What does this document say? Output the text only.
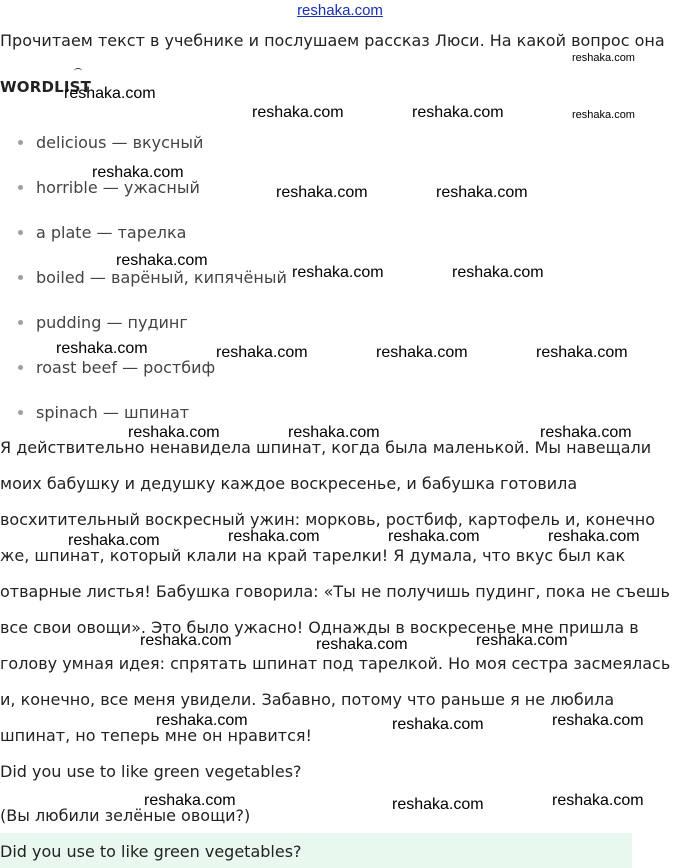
reshaka.com
Прочитаем текст в учебнике и послушаем рассказ Люси. На какой вопрос она
WORDLIST
delicious — вкусный
horrible — ужасный
a plate — тарелка
boiled — варёный, кипячёный
pudding — пудинг
roast beef — ростбиф
spinach — шпинат
Я действительно ненавидела шпинат, когда была маленькой. Мы навещали
моих бабушку и дедушку каждое воскресенье, и бабушка готовила
восхитительный воскресный ужин: морковь, ростбиф, картофель и, конечно
же, шпинат, который клали на край тарелки! Я думала, что вкус был как
отварные листья! Бабушка говорила: «Ты не получишь пудинг, пока не съешь
все свои овощи». Это было ужасно! Однажды в воскресенье мне пришла в
голову умная идея: спрятать шпинат под тарелкой. Но моя сестра засмеялась
и, конечно, все меня увидели. Забавно, потому что раньше я не любила
шпинат, но теперь мне он нравится!
Did you use to like green vegetables?
(Вы любили зелёные овощи?)
Did you use to like green vegetables?
reshaka.com
reshaka.com
reshaka.com	reshaka.com	reshaka.com
reshaka.com
reshaka.com	reshaka.com
reshaka.com
reshaka.com	reshaka.com
reshaka.com	reshaka.com	reshaka.com	reshaka.com
reshaka.com	reshaka.com	reshaka.com
reshaka.com	reshaka.com	reshaka.com	reshaka.com
reshaka.com	reshaka.com	reshaka.com
reshaka.com	reshaka.com	reshaka.com
reshaka.com	reshaka.com	reshaka.com
